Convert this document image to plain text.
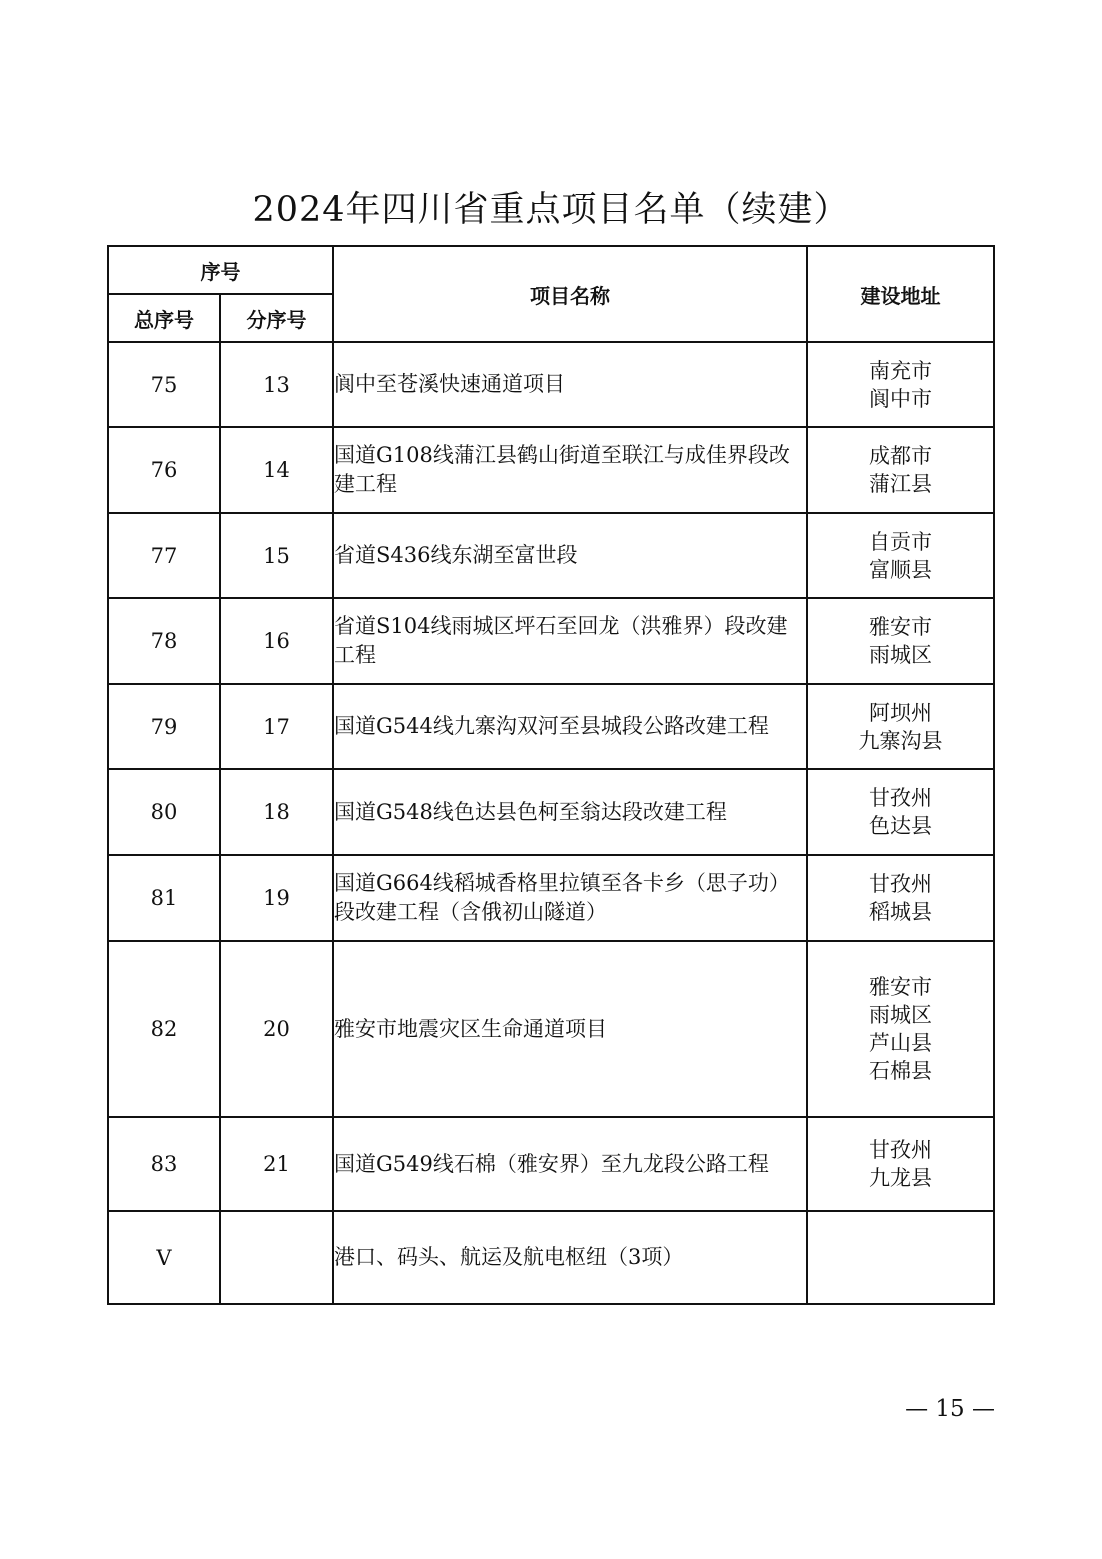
2024年四川省重点项目名单（续建）
序号		项目名称	建设地址
总序号	分序号		
75	13	阆中至苍溪快速通道项目	南充市
阆中市

76	14	国道G108线蒲江县鹤山街道至联江与成佳界段改建工程	成都市
蒲江县

77	15	省道S436线东湖至富世段	自贡市
富顺县

78	16	省道S104线雨城区坪石至回龙（洪雅界）段改建工程	雅安市
雨城区

79	17	国道G544线九寨沟双河至县城段公路改建工程	阿坝州
九寨沟县

80	18	国道G548线色达县色柯至翁达段改建工程	甘孜州
色达县

81	19	国道G664线稻城香格里拉镇至各卡乡（思子功）段改建工程（含俄初山隧道）	甘孜州
稻城县

82	20	雅安市地震灾区生命通道项目	雅安市
雨城区
芦山县
石棉县

83	21	国道G549线石棉（雅安界）至九龙段公路工程	甘孜州
九龙县

V		港口、码头、航运及航电枢纽（3项）	
— 15 —
